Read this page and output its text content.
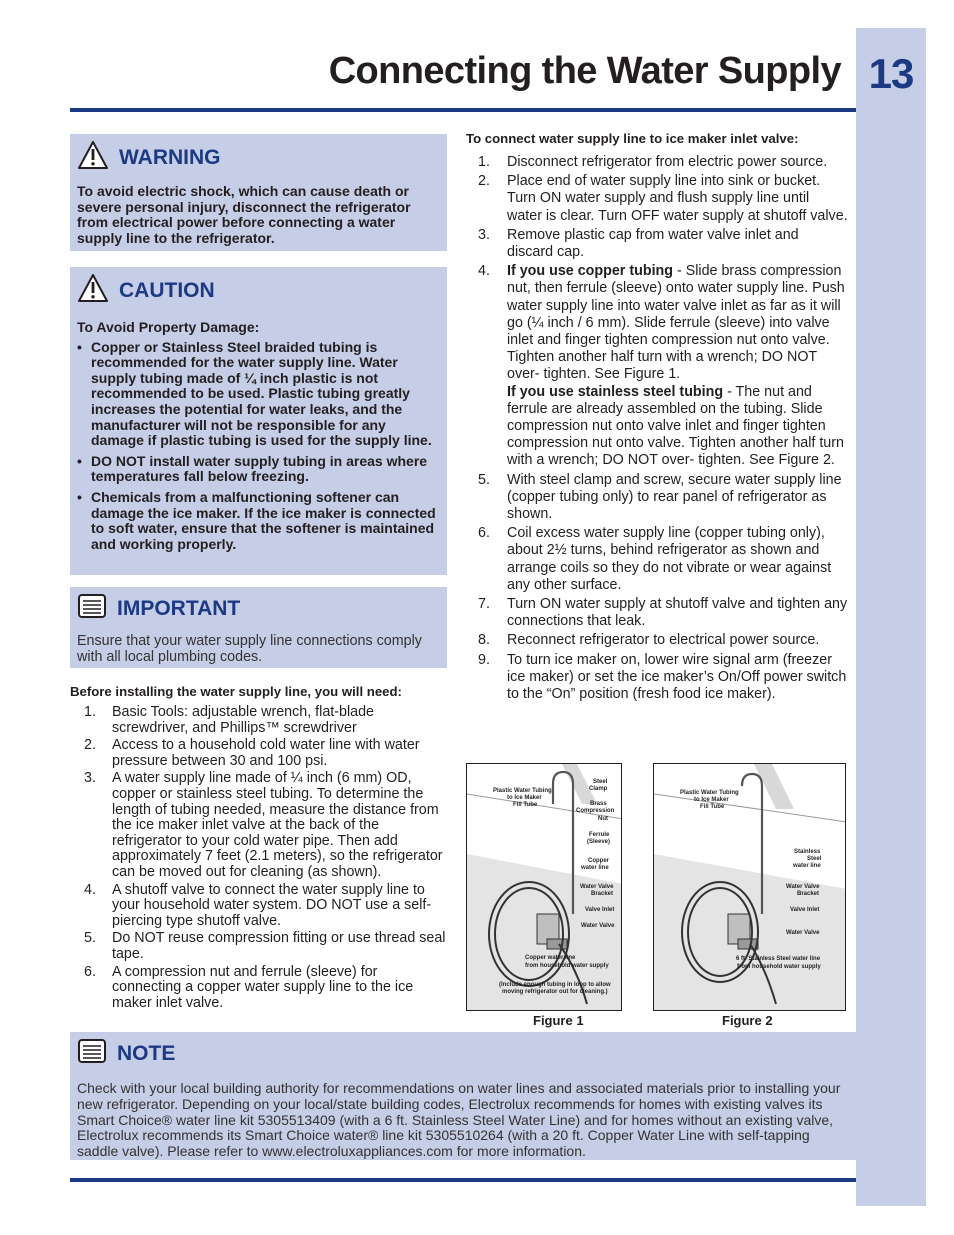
13
Connecting the Water Supply
WARNING

To avoid electric shock, which can cause death or severe personal injury, disconnect the refrigerator from electrical power before connecting a water supply line to the refrigerator.

CAUTION

To Avoid Property Damage:

• Copper or Stainless Steel braided tubing is recommended for the water supply line. Water supply tubing made of ¼ inch plastic is not recommended to be used. Plastic tubing greatly increases the potential for water leaks, and the manufacturer will not be responsible for any damage if plastic tubing is used for the supply line.
• DO NOT install water supply tubing in areas where temperatures fall below freezing.
• Chemicals from a malfunctioning softener can damage the ice maker. If the ice maker is connected to soft water, ensure that the softener is maintained and working properly.
IMPORTANT

Ensure that your water supply line connections comply with all local plumbing codes.

Before installing the water supply line, you will need:

1. Basic Tools: adjustable wrench, flat-blade screwdriver, and Phillips™ screwdriver
2. Access to a household cold water line with water pressure between 30 and 100 psi.
3. A water supply line made of ¼ inch (6 mm) OD, copper or stainless steel tubing. To determine the length of tubing needed, measure the distance from the ice maker inlet valve at the back of the refrigerator to your cold water pipe. Then add approximately 7 feet (2.1 meters), so the refrigerator can be moved out for cleaning (as shown).
4. A shutoff valve to connect the water supply line to your household water system. DO NOT use a self-piercing type shutoff valve.
5. Do NOT reuse compression fitting or use thread seal tape.
6. A compression nut and ferrule (sleeve) for connecting a copper water supply line to the ice maker inlet valve.

To connect water supply line to ice maker inlet valve:

1. Disconnect refrigerator from electric power source.
2. Place end of water supply line into sink or bucket. Turn ON water supply and flush supply line until water is clear. Turn OFF water supply at shutoff valve.
3. Remove plastic cap from water valve inlet and discard cap.
4. If you use copper tubing - Slide brass compression nut, then ferrule (sleeve) onto water supply line. Push water supply line into water valve inlet as far as it will go (¼ inch / 6 mm). Slide ferrule (sleeve) into valve inlet and finger tighten compression nut onto valve. Tighten another half turn with a wrench; DO NOT over- tighten. See Figure 1.
If you use stainless steel tubing - The nut and ferrule are already assembled on the tubing. Slide compression nut onto valve inlet and finger tighten compression nut onto valve. Tighten another half turn with a wrench; DO NOT over- tighten. See Figure 2.
5. With steel clamp and screw, secure water supply line (copper tubing only) to rear panel of refrigerator as shown.
6. Coil excess water supply line (copper tubing only), about 2½ turns, behind refrigerator as shown and arrange coils so they do not vibrate or wear against any other surface.
7. Turn ON water supply at shutoff valve and tighten any connections that leak.
8. Reconnect refrigerator to electrical power source.
9. To turn ice maker on, lower wire signal arm (freezer ice maker) or set the ice maker’s On/Off power switch to the “On” position (fresh food ice maker).
Plastic Water Tubing
to Ice Maker
Fill Tube
Steel
Clamp
Brass
Compression
Nut
Ferrule
(Sleeve)
Copper
water line
Water Valve
Bracket
Valve Inlet
Water Valve
Copper water line
from household water supply
(Include enough tubing in loop to allow
moving refrigerator out for cleaning.)
Figure 1
Plastic Water Tubing
to Ice Maker
Fill Tube
Stainless
Steel
water line
Water Valve
Bracket
Valve Inlet
Water Valve
6 ft. Stainless Steel water line
from household water supply
Figure 2
NOTE

Check with your local building authority for recommendations on water lines and associated materials prior to installing your new refrigerator. Depending on your local/state building codes, Electrolux recommends for homes with existing valves its Smart Choice® water line kit 5305513409 (with a 6 ft. Stainless Steel Water Line) and for homes without an existing valve, Electrolux recommends its Smart Choice water® line kit 5305510264 (with a 20 ft. Copper Water Line with self-tapping saddle valve). Please refer to www.electroluxappliances.com for more information.
